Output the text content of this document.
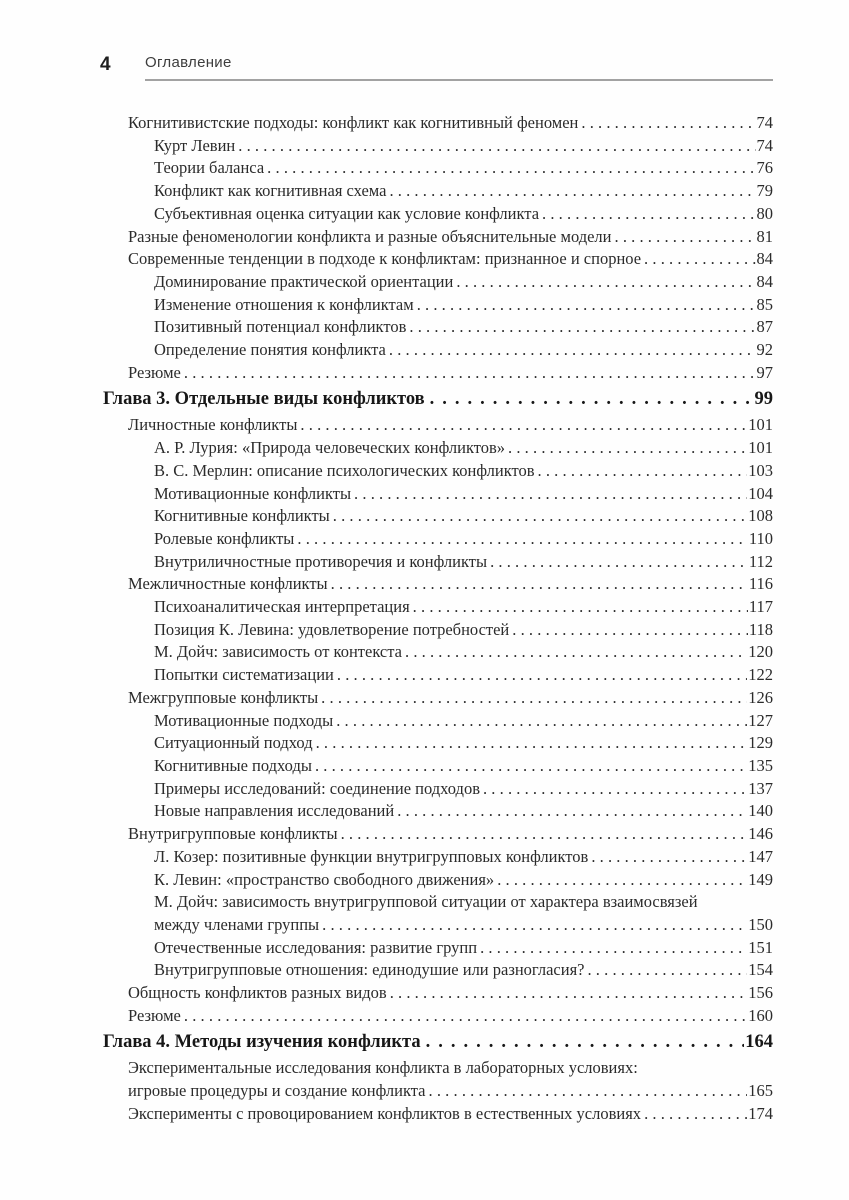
4	Оглавление
Когнитивистские подходы: конфликт как когнитивный феномен .....	74
Курт Левин .....	74
Теории баланса .....	76
Конфликт как когнитивная схема .....	79
Субъективная оценка ситуации как условие конфликта .....	80
Разные феноменологии конфликта и разные объяснительные модели .....	81
Современные тенденции в подходе к конфликтам: признанное и спорное .....	84
Доминирование практической ориентации .....	84
Изменение отношения к конфликтам .....	85
Позитивный потенциал конфликтов .....	87
Определение понятия конфликта .....	92
Резюме .....	97
Глава 3. Отдельные виды конфликтов .....	99
Личностные конфликты .....	101
А. Р. Лурия: «Природа человеческих конфликтов» .....	101
В. С. Мерлин: описание психологических конфликтов .....	103
Мотивационные конфликты .....	104
Когнитивные конфликты .....	108
Ролевые конфликты .....	110
Внутриличностные противоречия и конфликты .....	112
Межличностные конфликты .....	116
Психоаналитическая интерпретация .....	117
Позиция К. Левина: удовлетворение потребностей .....	118
М. Дойч: зависимость от контекста .....	120
Попытки систематизации .....	122
Межгрупповые конфликты .....	126
Мотивационные подходы .....	127
Ситуационный подход .....	129
Когнитивные подходы .....	135
Примеры исследований: соединение подходов .....	137
Новые направления исследований .....	140
Внутригрупповые конфликты .....	146
Л. Козер: позитивные функции внутригрупповых конфликтов .....	147
К. Левин: «пространство свободного движения» .....	149
М. Дойч: зависимость внутригрупповой ситуации от характера взаимосвязей
между членами группы .....	150
Отечественные исследования: развитие групп .....	151
Внутригрупповые отношения: единодушие или разногласия? .....	154
Общность конфликтов разных видов .....	156
Резюме .....	160
Глава 4. Методы изучения конфликта .....	164
Экспериментальные исследования конфликта в лабораторных условиях:
игровые процедуры и создание конфликта .....	165
Эксперименты с провоцированием конфликтов в естественных условиях .....	174
